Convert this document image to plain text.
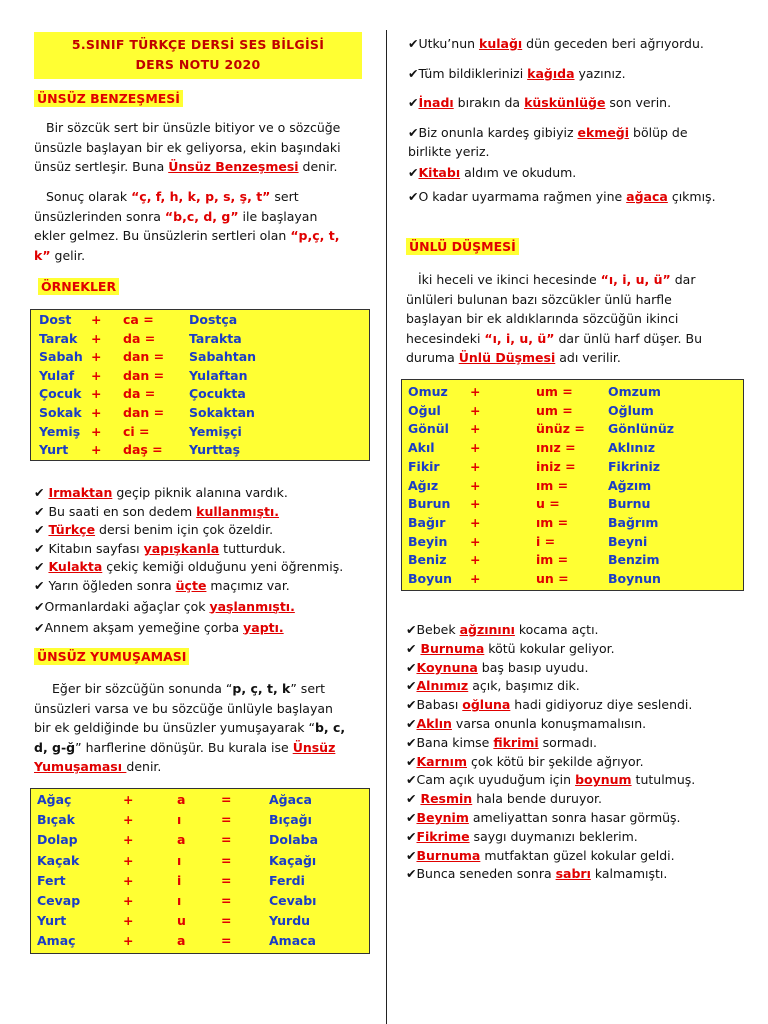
5.SINIF TÜRKÇE DERSİ SES BİLGİSİ
DERS NOTU 2020
ÜNSÜZ BENZEŞMESİ
Bir sözcük sert bir ünsüzle bitiyor ve o sözcüğe
ünsüzle başlayan bir ek geliyorsa, ekin başındaki
ünsüz sertleşir. Buna Ünsüz Benzeşmesi denir.
Sonuç olarak “ç, f, h, k, p, s, ş, t” sert
ünsüzlerinden sonra “b,c, d, g” ile başlayan
ekler gelmez. Bu ünsüzlerin sertleri olan “p,ç, t,
k” gelir.
ÖRNEKLER
Dost + ca =	Dostça
Tarak + da =	Tarakta
Sabah + dan = Sabahtan
Yulaf + dan = Yulaftan
Çocuk + da =	Çocukta
Sokak + dan = Sokaktan
Yemiş + ci =	Yemişçi
Yurt + daş = Yurttaş
✔ Irmaktan geçip piknik alanına vardık.
✔ Bu saati en son dedem kullanmıştı.
✔ Türkçe dersi benim için çok özeldir.
✔ Kitabın sayfası yapışkanla tutturduk.
✔ Kulakta çekiç kemiği olduğunu yeni öğrenmiş.
✔ Yarın öğleden sonra üçte maçımız var.
✔Ormanlardaki ağaçlar çok yaşlanmıştı.
✔Annem akşam yemeğine çorba yaptı.
ÜNSÜZ YUMUŞAMASI
Eğer bir sözcüğün sonunda “p, ç, t, k” sert
ünsüzleri varsa ve bu sözcüğe ünlüyle başlayan
bir ek geldiğinde bu ünsüzler yumuşayarak “b, c,
d, g-ğ” harflerine dönüşür. Bu kurala ise Ünsüz
Yumuşaması denir.
Ağaç	+	a	=	Ağaca
Bıçak	+	ı	=	Bıçağı
Dolap	+	a	=	Dolaba
Kaçak	+	ı	=	Kaçağı
Fert	+	i	=	Ferdi
Cevap	+	ı	=	Cevabı
Yurt	+	u	=	Yurdu
Amaç	+	a	=	Amaca
✔Utku’nun kulağı dün geceden beri ağrıyordu.
✔Tüm bildiklerinizi kağıda yazınız.
✔İnadı bırakın da küskünlüğe son verin.
✔Biz onunla kardeş gibiyiz ekmeği bölüp de
birlikte yeriz.
✔Kitabı aldım ve okudum.
✔O kadar uyarmama rağmen yine ağaca çıkmış.
ÜNLÜ DÜŞMESİ
İki heceli ve ikinci hecesinde “ı, i, u, ü” dar
ünlüleri bulunan bazı sözcükler ünlü harfle
başlayan bir ek aldıklarında sözcüğün ikinci
hecesindeki “ı, i, u, ü” dar ünlü harf düşer. Bu
duruma Ünlü Düşmesi adı verilir.
Omuz +	um =	Omzum
Oğul +	um =	Oğlum
Gönül +	ünüz = Gönlünüz
Akıl	+	ınız =	Aklınız
Fikir +	iniz =	Fikriniz
Ağız	+	ım =	Ağzım
Burun +	u =	Burnu
Bağır +	ım =	Bağrım
Beyin +	i =	Beyni
Beniz +	im =	Benzim
Boyun +	un =	Boynun
✔Bebek ağzınını kocama açtı.
✔ Burnuma kötü kokular geliyor.
✔Koynuna baş basıp uyudu.
✔Alnımız açık, başımız dik.
✔Babası oğluna hadi gidiyoruz diye seslendi.
✔Aklın varsa onunla konuşmamalısın.
✔Bana kimse fikrimi sormadı.
✔Karnım çok kötü bir şekilde ağrıyor.
✔Cam açık uyuduğum için boynum tutulmuş.
✔ Resmin hala bende duruyor.
✔Beynim ameliyattan sonra hasar görmüş.
✔Fikrime saygı duymanızı beklerim.
✔Burnuma mutfaktan güzel kokular geldi.
✔Bunca seneden sonra sabrı kalmamıştı.
